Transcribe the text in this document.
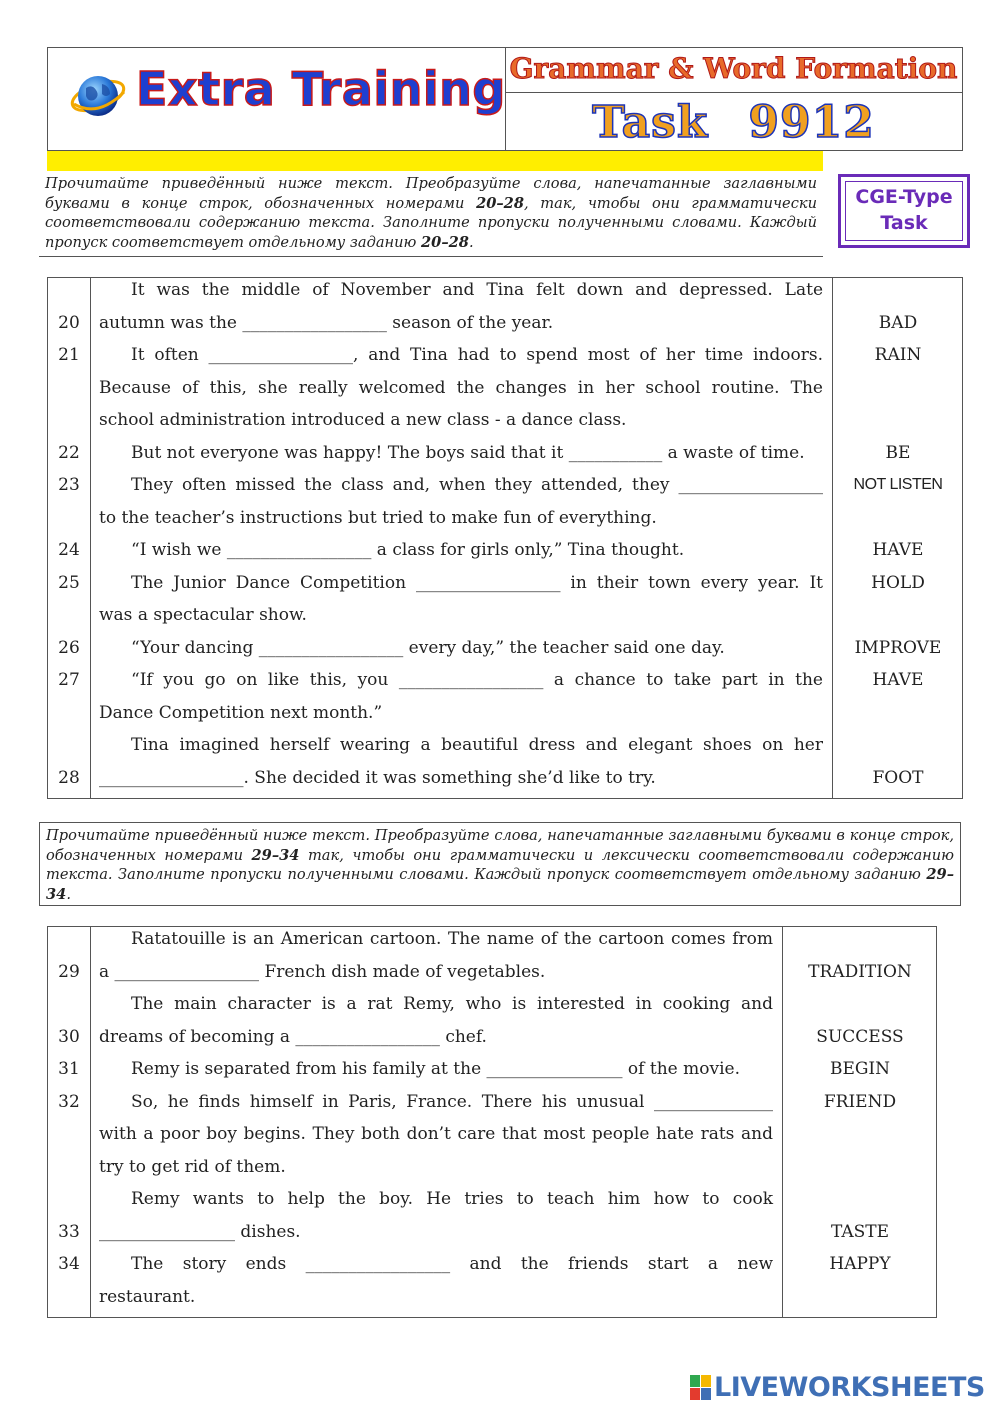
Extra Training Grammar & Word Formation
Task 9912
Прочитайте приведённый ниже текст. Преобразуйте слова, напечатанные заглавными буквами в конце строк, обозначенных номерами 20–28, так, чтобы они грамматически соответствовали содержанию текста. Заполните пропуски полученными словами. Каждый пропуск соответствует отдельному заданию 20–28.
CGE-Type
Task
It was the middle of November and Tina felt down and depressed. Late
20	autumn was the _________________ season of the year.	BAD
21	It often _________________, and Tina had to spend most of her time indoors.	RAIN
Because of this, she really welcomed the changes in her school routine. The
school administration introduced a new class - a dance class.
22	But not everyone was happy! The boys said that it ___________ a waste of time.	BE
23	They often missed the class and, when they attended, they _________________	NOT LISTEN
to the teacher’s instructions but tried to make fun of everything.
24	“I wish we _________________ a class for girls only,” Tina thought.	HAVE
25	The Junior Dance Competition _________________ in their town every year. It	HOLD
was a spectacular show.
26	“Your dancing _________________ every day,” the teacher said one day.	IMPROVE
27	“If you go on like this, you _________________ a chance to take part in the	HAVE
Dance Competition next month.”
Tina imagined herself wearing a beautiful dress and elegant shoes on her
28	_________________. She decided it was something she’d like to try.	FOOT
Прочитайте приведённый ниже текст. Преобразуйте слова, напечатанные заглавными буквами в конце строк, обозначенных номерами 29–34 так, чтобы они грамматически и лексически соответствовали содержанию текста. Заполните пропуски полученными словами. Каждый пропуск соответствует отдельному заданию 29–34.
Ratatouille is an American cartoon. The name of the cartoon comes from
29	a _________________ French dish made of vegetables.	TRADITION
The main character is a rat Remy, who is interested in cooking and
30	dreams of becoming a _________________ chef.	SUCCESS
31	Remy is separated from his family at the ________________ of the movie.	BEGIN
32	So, he finds himself in Paris, France. There his unusual ______________	FRIEND
with a poor boy begins. They both don’t care that most people hate rats and
try to get rid of them.
Remy wants to help the boy. He tries to teach him how to cook
33	________________ dishes.	TASTE
34	The story ends _________________ and the friends start a new	HAPPY
restaurant.
LIVEWORKSHEETS
